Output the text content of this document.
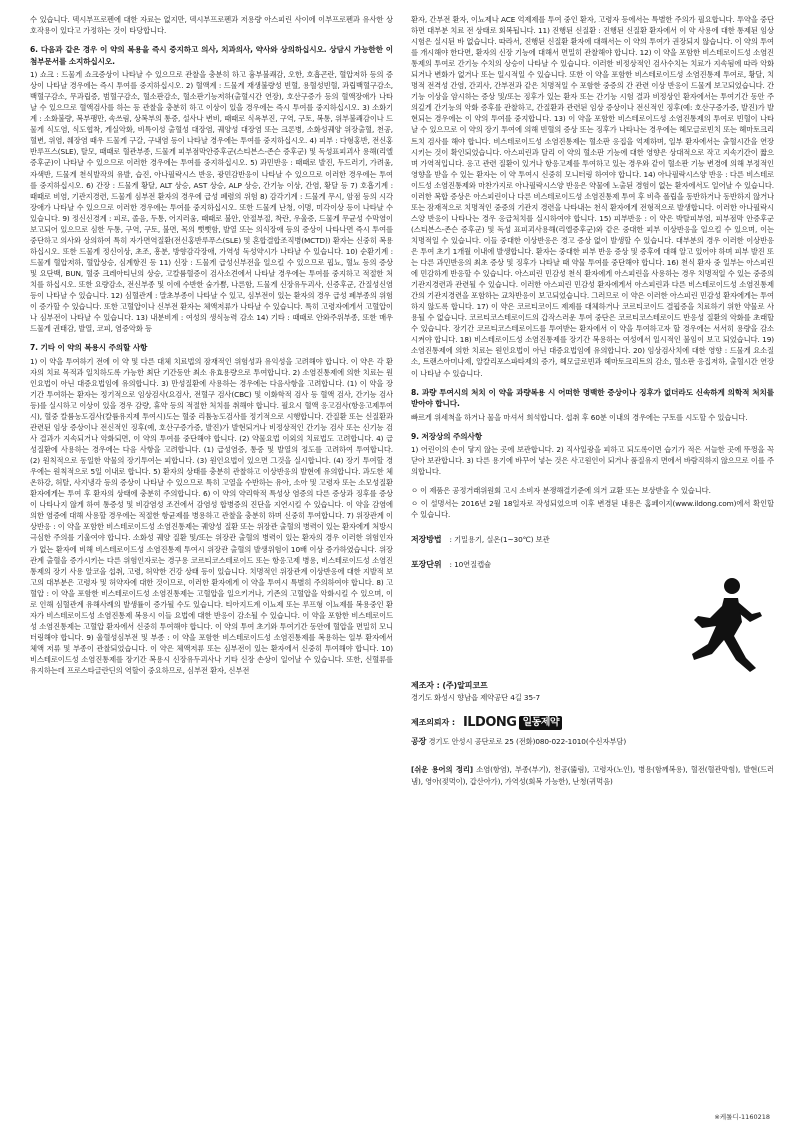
수 있습니다. 덱시부프로펜에 대한 자료는 없지만, 덱시부프로펜과 저용량 아스피린 사이에 이부프로펜과 유사한 상호작용이 있다고 가정하는 것이 타당합니다.

6. 다음과 같은 경우 이 약의 복용을 즉시 중지하고 의사, 치과의사, 약사와 상의하십시오. 상담시 가능한한 이 첨부문서를 소지하십시오.

1) 쇼크 : 드물게 쇼크증상이 나타날 수 있으므로 관찰을 충분히 하고 흉부불쾌감, 오한, 호흡곤란, 혈압저하 등의 증상이 나타날 경우에는 즉시 투여를 중지하십시오. 2) 혈액계 : 드물게 재생불량성 빈혈, 용혈성빈혈, 과립백혈구감소, 백혈구감소, 무과립증, 범혈구감소, 혈소판감소, 혈소판기능저하(출혈시간 연장), 호산구증가 등의 혈액장애가 나타날 수 있으므로 혈액검사를 하는 등 관찰을 충분히 하고 이상이 있을 경우에는 즉시 투여를 중지하십시오. 3) 소화기계 : 소화불량, 복부팽만, 속쓰림, 상복부의 통증, 설사나 변비, 때때로 식욕부진, 구역, 구토, 복통, 위부불쾌감이나 드물게 식도염, 식도협착, 게실악화, 비특이성 출혈성 대장염, 궤양성 대장염 또는 크론병, 소화성궤양 위장출혈, 천공, 혈변, 위염, 췌장염 때우 드물게 구갈, 구내염 등이 나타날 경우에는 투여를 중지하십시오. 4) 피부 : 다형홍반, 전신홍반루프스(SLE), 탈모, 때때로 혈관부종, 드물게 피부점막안증후군(스티븐스-존슨 증후군) 및 독성표피괴사 용해(리엘증후군)이 나타날 수 있으므로 이러한 경우에는 투여를 중지하십시오. 5) 과민반응 : 때때로 발진, 두드러기, 가려움, 자색반, 드물게 천식발작의 유발, 습진, 아나필락시스 반응, 광민감반응이 나타날 수 있으므로 이러한 경우에는 투여를 중지하십시오. 6) 간장 : 드물게 황달, ALT 상승, AST 상승, ALP 상승, 간기능 이상, 간염, 황달 등 7) 호흡기계 : 때때로 비염, 기관지경련, 드물게 심부전 환자의 경우에 급성 폐렴의 위험 8) 감각기계 : 드물게 무시, 암점 등의 시각장애가 나타날 수 있으므로 이러한 경우에는 투여를 중지하십시오. 또한 드물게 난청, 이명, 미각이상 등이 나타날 수 있습니다. 9) 정신신경계 : 피로, 졸음, 두통, 어지러움, 때때로 불안, 안절부절, 착란, 우울증, 드물게 무균성 수막염이 보고되어 있으므로 심한 두통, 구역, 구토, 불면, 목의 뻣뻣함, 발열 또는 의식장애 등의 증상이 나타나면 즉시 투여를 중단하고 의사와 상의하여 특히 자가면역질환(전신홍반루푸스(SLE) 및 혼합결합조직병(MCTD)) 환자는 신중히 복용하십시오. 또한 드물게 정신이상, 초조, 흥분, 방향감각장애, 가역성 독성약시가 나타날 수 있습니다. 10) 순환기계 : 드물게 혈압저하, 혈압상승, 심계항진 등 11) 신장 : 드물게 급성신부전을 일으킬 수 있으므로 핍뇨, 혈뇨 등의 증상 및 요단백, BUN, 혈중 크레아티닌의 상승, 고칼륨혈증이 검사소견에서 나타날 경우에는 투여를 중지하고 적절한 처치를 하십시오. 또한 요량감소, 전신부종 및 이에 수반한 숨가쁨, 나른함, 드물게 신장유두괴사, 신증후군, 간질성신염 등이 나타날 수 있습니다. 12) 심혈관계 : 말초부종이 나타날 수 있고, 심부전이 있는 환자의 경우 급성 폐부종의 위험이 증가할 수 있습니다. 또한 고혈압이나 신부전 환자는 체액저류가 나타날 수 있습니다. 특히 고령자에게서 고혈압이나 심부전이 나타날 수 있습니다. 13) 내분비계 : 여성의 생식능력 감소 14) 기타 : 때때로 안와주위부종, 또한 매우 드물게 권태감, 발열, 코피, 염증악화 등

7. 기타 이 약의 복용시 주의할 사항

1) 이 약을 투여하기 전에 이 약 및 다른 대체 치료법의 잠재적인 위험성과 유익성을 고려해야 합니다. 이 약은 각 환자의 치료 목적과 일치하도록 가능한 최단 기간동안 최소 유효용량으로 투여합니다. 2) 소염진통제에 의한 치료는 원인요법이 아닌 대증요법임에 유의합니다. 3) 만성질환에 사용하는 경우에는 다음사항을 고려합니다. (1) 이 약을 장기간 투여하는 환자는 정기적으로 임상검사(요검사, 전혈구 검사(CBC) 및 이화학적 검사 등 혈액 검사, 간기능 검사 등)를 실시하고 이상이 있을 경우 감량, 휴약 등의 적절한 처치를 취해야 합니다. 필요시 혈액 응고검사(항응고제투여시), 혈중 칼륨농도검사(칼륨유지제 투여시)도는 혈중 리튬농도검사를 정기적으로 시행합니다. 간질환 또는 신질환과 관련된 임상 증상이나 전신적인 징후(예, 호산구증가증, 발진)가 발현되거나 비정상적인 간기능 검사 또는 신기능 검사 결과가 지속되거나 악화되면, 이 약의 투여를 중단해야 합니다. (2) 약물요법 이외의 치료법도 고려합니다. 4) 급성질환에 사용하는 경우에는 다음 사항을 고려합니다. (1) 급성염증, 통증 및 발열의 정도를 고려하여 투여합니다. (2) 원칙적으로 동일한 약물의 장기투여는 피합니다. (3) 원인요법이 있으면 그것을 실시합니다. (4) 장기 투여할 경우에는 원칙적으로 5일 이내로 합니다. 5) 환자의 상태를 충분히 관찰하고 이상반응의 발현에 유의합니다. 과도한 체온하강, 허탈, 사지냉각 등의 증상이 나타날 수 있으므로 특히 고열을 수반하는 유아, 소아 및 고령자 또는 소모성질환 환자에게는 투여 후 환자의 상태에 충분히 주의합니다. 6) 이 약의 약리학적 특성상 염증의 다른 증상과 징후를 증상이 나타나지 않게 하여 통증성 및 비감염성 조건에서 감염성 합병증의 진단을 지연시킬 수 있습니다. 이 약을 감염에 의한 염증에 대해 사용할 경우에는 적절한 항균제를 병용하고 관찰을 충분히 하며 신중히 투여합니다. 7) 위장관계 이상반응 : 이 약을 포함한 비스테로이드성 소염진통제는 궤양성 질환 또는 위장관 출혈의 병력이 있는 환자에게 처방시 극심한 주의를 기울여야 합니다. 소화성 궤양 질환 및/또는 위장관 출혈의 병력이 있는 환자의 경우 이러한 위험인자가 없는 환자에 비해 비스테로이드성 소염진통제 투여시 위장관 출혈의 발생위험이 10배 이상 증가하였습니다. 위장관계 출혈을 증가시키는 다른 위험인자로는 경구용 코르티코스테로이드 또는 항응고제 병용, 비스테로이드성 소염진통제의 장기 사용 알코올 섭취, 고령, 허약한 건강 상태 등이 있습니다. 치명적인 위장관계 이상반응에 대한 지발적 보고의 대부분은 고령자 및 허약자에 대한 것이므로, 이러한 환자에게 이 약을 투여시 특별히 주의하여야 합니다. 8) 고혈압 : 이 약을 포함한 비스테로이드성 소염진통제는 고혈압을 일으키거나, 기존의 고혈압을 악화시킬 수 있으며, 이로 인해 심혈관계 유해사례의 발생률이 증가될 수도 있습니다. 티아지드계 이뇨제 또는 루프형 이뇨제를 복용중인 환자가 비스테로이드성 소염진통제 복용시 이들 요법에 대한 반응이 감소될 수 있습니다. 이 약을 포함한 비스테로이드성 소염진통제는 고혈압 환자에서 신중히 투여해야 합니다. 이 약의 투여 초기와 투여기간 동안에 혈압을 면밀히 모니터링해야 합니다. 9) 울혈성심부전 및 부종 : 이 약을 포함한 비스테로이드성 소염진통제를 복용하는 일부 환자에서 체액 저류 및 부종이 관찰되었습니다. 이 약은 체액저류 또는 심부전이 있는 환자에서 신중히 투여해야 합니다. 10) 비스테로이드성 소염진통제를 장기간 복용시 신장유두괴사나 기타 신장 손상이 일어날 수 있습니다. 또한, 신혈류를 유지하는데 프로스타글란딘의 역할이 중요하므로, 심부전 환자, 신부전

환자, 간부전 환자, 이뇨제나 ACE 억제제를 투여 중인 환자, 고령자 등에서는 특별한 주의가 필요합니다. 투약을 중단하면 대부분 치료 전 상태로 회복됩니다. 11) 진행된 신질환 : 진행된 신질환 환자에서 이 약 사용에 대한 통제된 임상 시험은 실시된 바 없습니다. 따라서, 진행된 신질환 환자에 대해서는 이 약의 투여가 권장되지 않습니다. 이 약의 투여를 개시해야 한다면, 환자의 신장 기능에 대해서 면밀히 관찰해야 합니다. 12) 이 약을 포함한 비스테로이드성 소염진통제의 투여로 간기능 수치의 상승이 나타날 수 있습니다. 이러한 비정상적인 검사수치는 치료가 지속됨에 따라 악화되거나 변화가 없거나 또는 일시적일 수 있습니다. 또한 이 약을 포함한 비스테로이드성 소염진통제 투여로, 황달, 치명적 전격성 간염, 간괴사, 간부전과 같은 치명적일 수 포함한 중증의 간 관련 이상 반응이 드물게 보고되었습니다. 간기능 이상을 암시하는 증상 및/또는 징후가 있는 환자 또는 간기능 시험 결과 비정상인 환자에서는 투여기간 동안 주의깊게 간기능의 악화 증후를 관찰하고, 간질환과 관련된 임상 증상이나 전신적인 징후(예: 호산구증가증, 발진)가 발현되는 경우에는 이 약의 투여를 중지합니다. 13) 이 약을 포함한 비스테로이드성 소염진통제의 투여로 빈혈이 나타날 수 있으므로 이 약의 장기 투여에 의해 빈혈의 증상 또는 징후가 나타나는 경우에는 헤모글로빈치 또는 헤마토크리트치 검사를 해야 합니다. 비스테로이드성 소염진통제는 혈소판 응집을 억제하며, 일부 환자에서는 출혈시간을 연장시키는 것이 확인되었습니다. 아스피린과 달리 이 약의 혈소판 기능에 대한 영향은 상대적으로 작고 지속기간이 짧으며 가역적입니다. 응고 관련 질환이 있거나 항응고제를 투여하고 있는 경우와 같이 혈소판 기능 변경에 의해 부정적인 영향을 받을 수 있는 환자는 이 약 투여시 신중히 모니터링 하여야 합니다. 14) 아나필락시스양 반응 : 다른 비스테로이드성 소염진통제와 마찬가지로 아나필락시스양 반응은 약물에 노출된 경험이 없는 환자에서도 일어날 수 있습니다. 이러한 복합 증상은 아스피린이나 다른 비스테로이드성 소염진통제 투여 후 비측 폴립을 동반하거나 동반하지 않거나 또는 잠재적으로 치명적인 중증의 기관지 경련을 나타내는 천식 환자에게 전형적으로 발생합니다. 이러한 아나필락시스양 반응이 나타나는 경우 응급처치를 실시하여야 합니다. 15) 피부반응 : 이 약은 박탈피부염, 피부점막 안증후군(스티븐스-존슨 증후군) 및 독성 표피괴사용해(리엘증후군)와 같은 중대한 피부 이상반응을 일으킬 수 있으며, 이는 치명적일 수 있습니다. 이들 중대한 이상반응은 경고 증상 없이 발생할 수 있습니다. 대부분의 경우 이러한 이상반응은 투여 초기 1개월 이내에 발생합니다. 환자는 중대한 피부 반응 증상 및 증후에 대해 알고 있어야 하며 피부 발진 또는 다른 과민반응의 최초 증상 및 징후가 나타날 때 약물 투여를 중단해야 합니다. 16) 천식 환자 중 일부는 아스피린에 민감하게 반응할 수 있습니다. 아스피린 민감성 천식 환자에게 아스피린을 사용하는 경우 치명적일 수 있는 중증의 기관지경련과 관련될 수 있습니다. 이러한 아스피린 민감성 환자에게서 아스피린과 다른 비스테로이드성 소염진통제 간의 기관지경련을 포함하는 교차반응이 보고되었습니다. 그러므로 이 약은 이러한 아스피린 민감성 환자에게는 투여하지 않도록 합니다. 17) 이 약은 코르티코이드 제제를 대체하거나 코르티코이드 결핍증을 치료하기 위한 약물로 사용될 수 없습니다. 코르티코스테로이드의 갑작스러운 투여 중단은 코르티코스테로이드 반응성 질환의 악화를 초래할 수 있습니다. 장기간 코르티코스테로이드를 투여받는 환자에서 이 약을 투여하고자 할 경우에는 서서히 용량을 감소시켜야 합니다. 18) 비스테로이드성 소염진통제를 장기간 복용하는 여성에서 일시적인 불임이 보고 되었습니다. 19) 소염진통제에 의한 치료는 원인요법이 아닌 대증요법임에 유의합니다. 20) 임상검사치에 대한 영향 : 드물게 요소질소, 트랜스아미나제, 알칼리포스파타제의 증가, 헤모글로빈과 헤마토크리트의 감소, 혈소판 응집저하, 출혈시간 연장이 나타날 수 있습니다.

8. 과량 투여시의 처치 이 약을 과량복용 시 어떠한 명백한 증상이나 징후가 없더라도 신속하게 의학적 처치를 받아야 합니다.

빠르게 위세척을 하거나 물을 마셔서 희석합니다. 섭취 후 60분 이내의 경우에는 구토를 시도할 수 있습니다.

9. 저장상의 주의사항

1) 어린이의 손이 닿지 않는 곳에 보관합니다. 2) 직사일광을 피하고 되도록이면 습기가 적은 서늘한 곳에 뚜껑을 꼭 닫아 보관합니다. 3) 다른 용기에 바꾸어 넣는 것은 사고원인이 되거나 품질유지 면에서 바람직하지 않으므로 이를 주의합니다.

ㅇ 이 제품은 공정거래위원회 고시 소비자 분쟁해결기준에 의거 교환 또는 보상받을 수 있습니다.

ㅇ 이 설명서는 2016년 2월 18일자로 작성되었으며 이후 변경된 내용은 홈페이지(www.ildong.com)에서 확인할 수 있습니다.

저장방법 : 기밀용기, 실온(1~30℃) 보관
포장단위 : 10연질캡슐
제조자 : (주)알피코프
경기도 화성시 향남읍 제약공단 4길 35-7
제조의뢰자 : ILDONG 일동제약
공장 경기도 안성시 공단로로 25 (전화)080-022-1010(수신자부담)
[쉬운 용어의 정리] 소염(항염), 부종(부기), 천공(뚫림), 고령자(노인), 병용(함께복용), 혈전(혈관막힘), 발현(드러냄), 영아(젖먹이), 갑산아가), 가역성(회복 가능한), 난청(귀먹음)
※케톨디-1160218
